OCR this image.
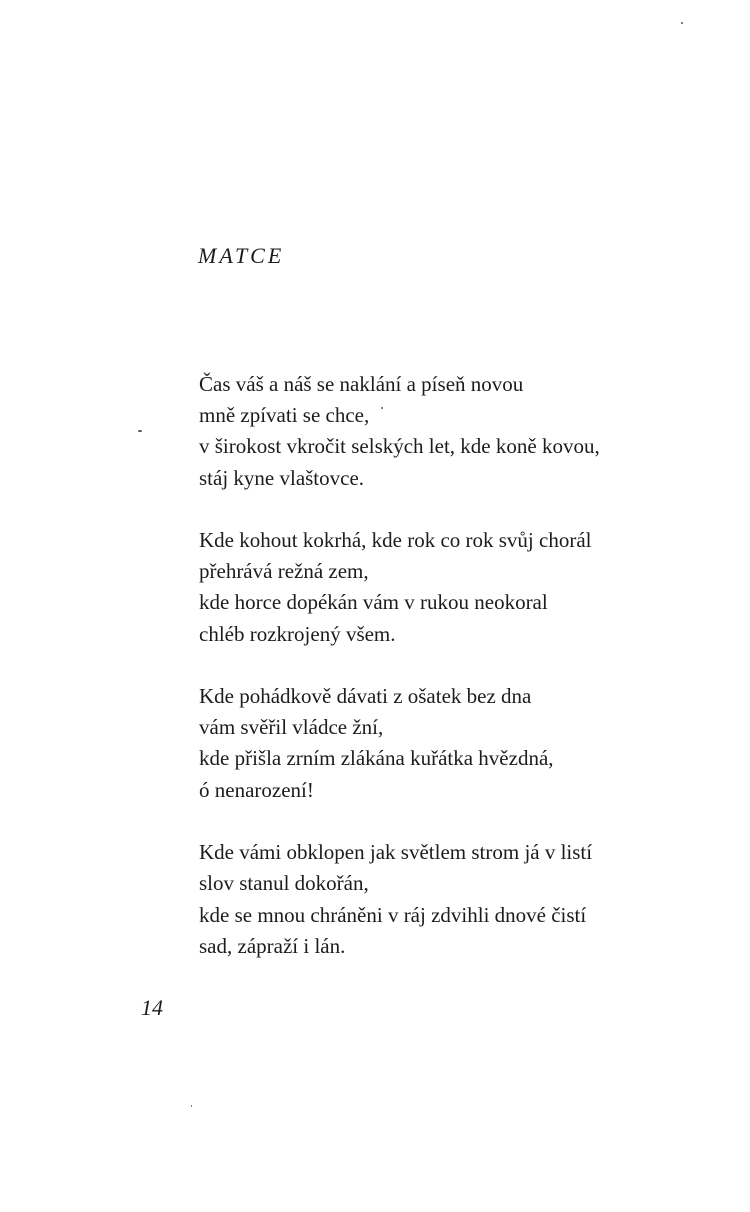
MATCE
Čas váš a náš se naklání a píseň novou
mně zpívati se chce,
v širokost vkročit selských let, kde koně kovou,
stáj kyne vlaštovce.
Kde kohout kokrhá, kde rok co rok svůj chorál
přehrává režná zem,
kde horce dopékán vám v rukou neokoral
chléb rozkrojený všem.
Kde pohádkově dávati z ošatek bez dna
vám svěřil vládce žní,
kde přišla zrním zlákána kuřátka hvězdná,
ó nenarození!
Kde vámi obklopen jak světlem strom já v listí
slov stanul dokořán,
kde se mnou chráněni v ráj zdvihli dnové čistí
sad, zápraží i lán.
14
